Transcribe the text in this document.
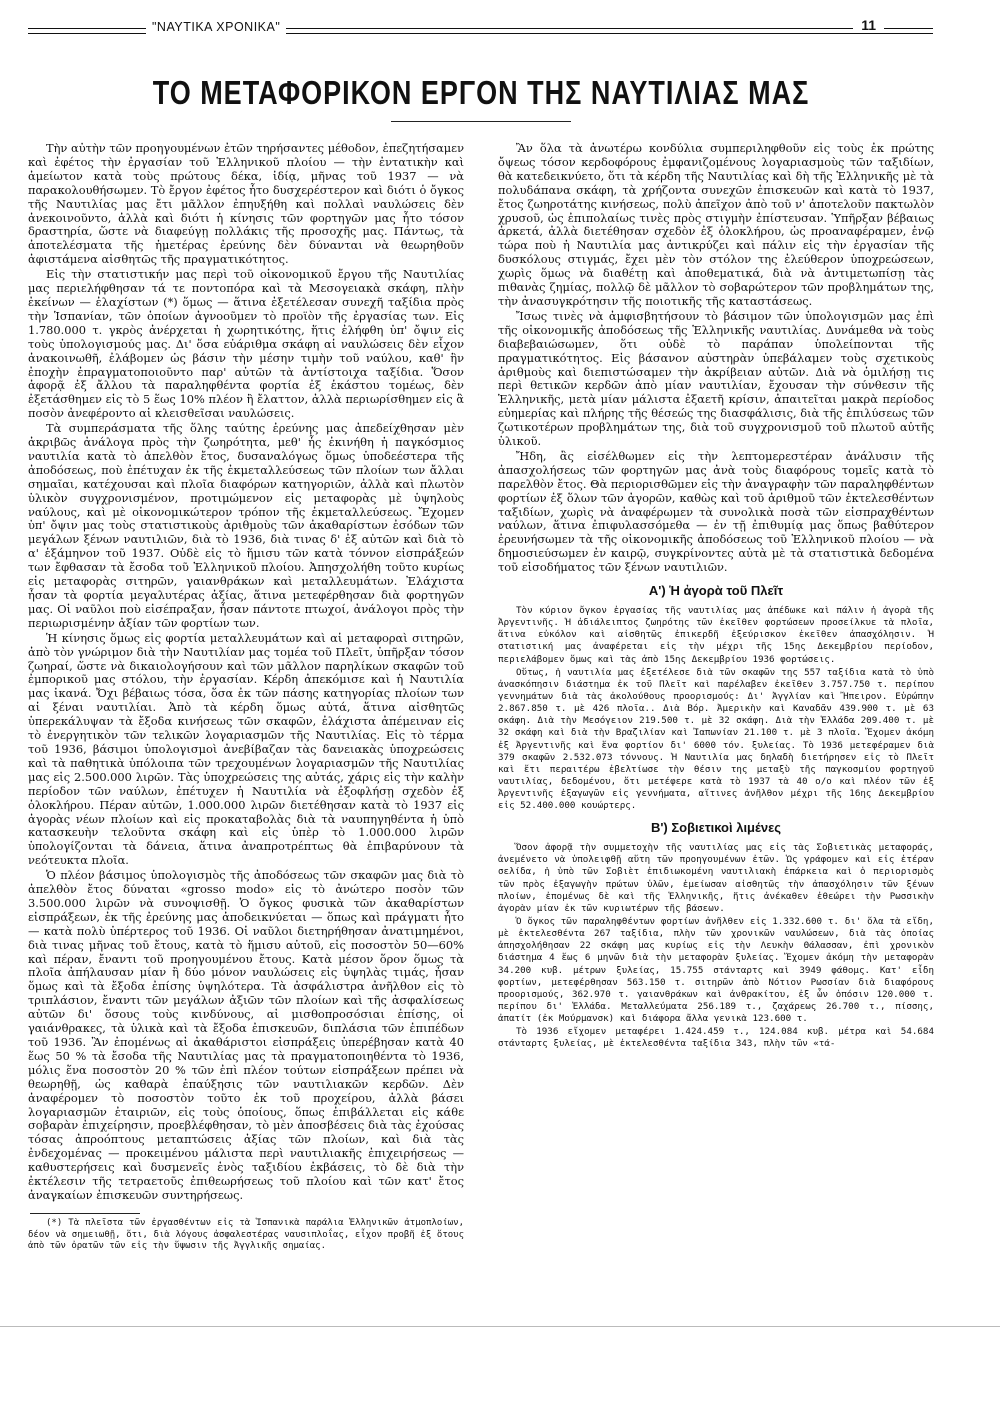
"ΝΑΥΤΙΚΑ ΧΡΟΝΙΚΑ"	11
ΤΟ ΜΕΤΑΦΟΡΙΚΟΝ ΕΡΓΟΝ ΤΗΣ ΝΑΥΤΙΛΙΑΣ ΜΑΣ

Τὴν αὐτὴν τῶν προηγουμένων ἐτῶν τηρήσαντες μέθοδον, ἐπεζητήσαμεν καὶ ἐφέτος τὴν ἐργασίαν τοῦ Ἑλληνικοῦ πλοίου — τὴν ἐντατικὴν καὶ ἀμείωτον κατὰ τοὺς πρώτους δέκα, ἰδίᾳ, μῆνας τοῦ 1937 — νὰ παρακολουθήσωμεν. Τὸ ἔργον ἐφέτος ἦτο δυσχερέστερον καὶ διότι ὁ ὄγκος τῆς Ναυτιλίας μας ἔτι μᾶλλον ἐπηυξήθη καὶ πολλαὶ ναυλώσεις δὲν ἀνεκοινοῦντο, ἀλλὰ καὶ διότι ἡ κίνησις τῶν φορτηγῶν μας ἦτο τόσον δραστηρία, ὥστε νὰ διαφεύγῃ πολλάκις τῆς προσοχῆς μας. Πάντως, τὰ ἀποτελέσματα τῆς ἡμετέρας ἐρεύνης δὲν δύνανται νὰ θεωρηθοῦν ἀφιστάμενα αἰσθητῶς τῆς πραγματικότητος.

Εἰς τὴν στατιστικήν μας περὶ τοῦ οἰκονομικοῦ ἔργου τῆς Ναυτιλίας μας περιελήφθησαν τά τε ποντοπόρα καὶ τὰ Μεσογειακὰ σκάφη, πλὴν ἐκείνων — ἐλαχίστων (*) ὅμως — ἅτινα ἐξετέλεσαν συνεχῆ ταξίδια πρὸς τὴν Ἱσπανίαν, τῶν ὁποίων ἀγνοοῦμεν τὸ προϊὸν τῆς ἐργασίας των. Εἰς 1.780.000 τ. γκρὸς ἀνέρχεται ἡ χωρητικότης, ἥτις ἐλήφθη ὑπ' ὄψιν εἰς τοὺς ὑπολογισμούς μας. Δι' ὅσα εὐάριθμα σκάφη αἱ ναυλώσεις δὲν εἶχον ἀνακοινωθῆ, ἐλάβομεν ὡς βάσιν τὴν μέσην τιμὴν τοῦ ναύλου, καθ' ἣν ἐποχὴν ἐπραγματοποιοῦντο παρ' αὐτῶν τὰ ἀντίστοιχα ταξίδια. Ὅσον ἀφορᾷ ἐξ ἄλλου τὰ παραληφθέντα φορτία ἐξ ἑκάστου τομέως, δὲν ἐξετάσθημεν εἰς τὸ 5 ἕως 10% πλέον ἢ ἔλαττον, ἀλλὰ περιωρίσθημεν εἰς ἃ ποσὸν ἀνεφέροντο αἱ κλεισθεῖσαι ναυλώσεις.

Τὰ συμπεράσματα τῆς ὅλης ταύτης ἐρεύνης μας ἀπεδείχθησαν μὲν ἀκριβῶς ἀνάλογα πρὸς τὴν ζωηρότητα, μεθ' ἧς ἐκινήθη ἡ παγκόσμιος ναυτιλία κατὰ τὸ ἀπελθὸν ἔτος, δυσαναλόγως ὅμως ὑποδεέστερα τῆς ἀποδόσεως, ποὺ ἐπέτυχαν ἐκ τῆς ἐκμεταλλεύσεως τῶν πλοίων των ἄλλαι σημαῖαι, κατέχουσαι καὶ πλοῖα διαφόρων κατηγοριῶν, ἀλλὰ καὶ πλωτὸν ὑλικὸν συγχρονισμένον, προτιμώμενον εἰς μεταφορὰς μὲ ὑψηλοὺς ναύλους, καὶ μὲ οἰκονομικώτερον τρόπον τῆς ἐκμεταλλεύσεως. Ἔχομεν ὑπ' ὄψιν μας τοὺς στατιστικοὺς ἀριθμοὺς τῶν ἀκαθαρίστων ἐσόδων τῶν μεγάλων ξένων ναυτιλιῶν, διὰ τὸ 1936, διὰ τινας δ' ἐξ αὐτῶν καὶ διὰ τὸ α' ἑξάμηνον τοῦ 1937. Οὐδὲ εἰς τὸ ἥμισυ τῶν κατὰ τόννον εἰσπράξεών των ἔφθασαν τὰ ἔσοδα τοῦ Ἑλληνικοῦ πλοίου. Ἀπησχολήθη τοῦτο κυρίως εἰς μεταφορὰς σιτηρῶν, γαιανθράκων καὶ μεταλλευμάτων. Ἐλάχιστα ἦσαν τὰ φορτία μεγαλυτέρας ἀξίας, ἅτινα μετεφέρθησαν διὰ φορτηγῶν μας. Οἱ ναῦλοι ποὺ εἰσέπραξαν, ἦσαν πάντοτε πτωχοί, ἀνάλογοι πρὸς τὴν περιωρισμένην ἀξίαν τῶν φορτίων των.

Ἡ κίνησις ὅμως εἰς φορτία μεταλλευμάτων καὶ αἱ μεταφοραὶ σιτηρῶν, ἀπὸ τὸν γνώριμον διὰ τὴν Ναυτιλίαν μας τομέα τοῦ Πλεῖτ, ὑπῆρξαν τόσον ζωηραί, ὥστε νὰ δικαιολογήσουν καὶ τῶν μᾶλλον παρηλίκων σκαφῶν τοῦ ἐμπορικοῦ μας στόλου, τὴν ἐργασίαν. Κέρδη ἀπεκόμισε καὶ ἡ Ναυτιλία μας ἱκανά. Ὄχι βέβαιως τόσα, ὅσα ἐκ τῶν πάσης κατηγορίας πλοίων των αἱ ξέναι ναυτιλίαι. Ἀπὸ τὰ κέρδη ὅμως αὐτά, ἅτινα αἰσθητῶς ὑπερεκάλυψαν τὰ ἔξοδα κινήσεως τῶν σκαφῶν, ἐλάχιστα ἀπέμειναν εἰς τὸ ἐνεργητικὸν τῶν τελικῶν λογαριασμῶν τῆς Ναυτιλίας. Εἰς τὸ τέρμα τοῦ 1936, βάσιμοι ὑπολογισμοὶ ἀνεβίβαζαν τὰς δανειακὰς ὑποχρεώσεις καὶ τὰ παθητικὰ ὑπόλοιπα τῶν τρεχουμένων λογαριασμῶν τῆς Ναυτιλίας μας εἰς 2.500.000 λιρῶν. Τὰς ὑποχρεώσεις της αὐτάς, χάρις εἰς τὴν καλὴν περίοδον τῶν ναύλων, ἐπέτυχεν ἡ Ναυτιλία νὰ ἐξοφλήσῃ σχεδὸν ἐξ ὁλοκλήρου. Πέραν αὐτῶν, 1.000.000 λιρῶν διετέθησαν κατὰ τὸ 1937 εἰς ἀγορὰς νέων πλοίων καὶ εἰς προκαταβολὰς διὰ τὰ ναυπηγηθέντα ἡ ὑπὸ κατασκευὴν τελοῦντα σκάφη καὶ εἰς ὑπὲρ τὸ 1.000.000 λιρῶν ὑπολογίζονται τὰ δάνεια, ἅτινα ἀναπροτρέπτως θὰ ἐπιβαρύνουν τὰ νεότευκτα πλοῖα.

Ὁ πλέον βάσιμος ὑπολογισμὸς τῆς ἀποδόσεως τῶν σκαφῶν μας διὰ τὸ ἀπελθὸν ἔτος δύναται «grosso modo» εἰς τὸ ἀνώτερο ποσὸν τῶν 3.500.000 λιρῶν νὰ συνοψισθῇ. Ὁ ὄγκος φυσικὰ τῶν ἀκαθαρίστων εἰσπράξεων, ἐκ τῆς ἐρεύνης μας ἀποδεικνύεται — ὅπως καὶ πράγματι ἦτο — κατὰ πολὺ ὑπέρτερος τοῦ 1936. Οἱ ναῦλοι διετηρήθησαν ἀνατιμημένοι, διὰ τινας μῆνας τοῦ ἔτους, κατὰ τὸ ἥμισυ αὐτοῦ, εἰς ποσοστὸν 50—60% καὶ πέραν, ἔναντι τοῦ προηγουμένου ἔτους. Κατὰ μέσον ὅρον ὅμως τὰ πλοῖα ἀπήλαυσαν μίαν ἢ δύο μόνον ναυλώσεις εἰς ὑψηλὰς τιμάς, ἦσαν ὅμως καὶ τὰ ἔξοδα ἐπίσης ὑψηλότερα. Τὰ ἀσφάλιστρα ἀνῆλθον εἰς τὸ τριπλάσιον, ἔναντι τῶν μεγάλων ἀξιῶν τῶν πλοίων καὶ τῆς ἀσφαλίσεως αὐτῶν δι' ὅσους τοὺς κινδύνους, αἱ μισθοπροσόσιαι ἐπίσης, οἱ γαιάνθρακες, τὰ ὑλικὰ καὶ τὰ ἔξοδα ἐπισκευῶν, διπλάσια τῶν ἐπιπέδων τοῦ 1936. Ἂν ἐπομένως αἱ ἀκαθάριστοι εἰσπράξεις ὑπερέβησαν κατὰ 40 ἕως 50 % τὰ ἔσοδα τῆς Ναυτιλίας μας τὰ πραγματοποιηθέντα τὸ 1936, μόλις ἕνα ποσοστὸν 20 % τῶν ἐπὶ πλέον τούτων εἰσπράξεων πρέπει νὰ θεωρηθῇ, ὡς καθαρὰ ἐπαύξησις τῶν ναυτιλιακῶν κερδῶν. Δὲν ἀναφέρομεν τὸ ποσοστὸν τοῦτο ἐκ τοῦ προχείρου, ἀλλὰ βάσει λογαριασμῶν ἐταιριῶν, εἰς τοὺς ὁποίους, ὅπως ἐπιβάλλεται εἰς κάθε σοβαρὰν ἐπιχείρησιν, προεβλέφθησαν, τὸ μὲν ἀποσβέσεις διὰ τὰς ἐχούσας τόσας ἀπροόπτους μεταπτώσεις ἀξίας τῶν πλοίων, καὶ διὰ τὰς ἐνδεχομένας — προκειμένου μάλιστα περὶ ναυτιλιακῆς ἐπιχειρήσεως — καθυστερήσεις καὶ δυσμενεῖς ἑνὸς ταξιδίου ἐκβάσεις, τὸ δὲ διὰ τὴν ἐκτέλεσιν τῆς τετραετοῦς ἐπιθεωρήσεως τοῦ πλοίου καὶ τῶν κατ' ἔτος ἀναγκαίων ἐπισκευῶν συντηρήσεως.

(*) Τὰ πλεῖστα τῶν ἐργασθέντων εἰς τὰ Ἱσπανικὰ παράλια Ἑλληνικῶν ἀτμοπλοίων, δέον νὰ σημειωθῇ, ὅτι, διὰ λόγους ἀσφαλεστέρας ναυσιπλοΐας, εἶχον προβῆ ἐξ ὅτους ἀπὸ τῶν ὀρατῶν τῶν εἰς τὴν ὕψωσιν τῆς Ἀγγλικῆς σημαίας.

Ἂν ὅλα τὰ ἀνωτέρω κονδύλια συμπεριληφθοῦν εἰς τοὺς ἐκ πρώτης ὄψεως τόσον κερδοφόρους ἐμφανιζομένους λογαριασμοὺς τῶν ταξιδίων, θὰ κατεδεικνύετο, ὅτι τὰ κέρδη τῆς Ναυτιλίας καὶ δὴ τῆς Ἑλληνικῆς μὲ τὰ πολυδάπανα σκάφη, τὰ χρήζοντα συνεχῶν ἐπισκευῶν καὶ κατὰ τὸ 1937, ἔτος ζωηροτάτης κινήσεως, πολὺ ἀπεῖχον ἀπὸ τοῦ ν' ἀποτελοῦν πακτωλὸν χρυσοῦ, ὡς ἐπιπολαίως τινὲς πρὸς στιγμὴν ἐπίστευσαν. Ὑπῆρξαν βέβαιως ἀρκετά, ἀλλὰ διετέθησαν σχεδὸν ἐξ ὁλοκλήρου, ὡς προαναφέραμεν, ἐνῷ τώρα ποὺ ἡ Ναυτιλία μας ἀντικρύζει καὶ πάλιν εἰς τὴν ἐργασίαν τῆς δυσκόλους στιγμάς, ἔχει μὲν τὸν στόλον της ἐλεύθερον ὑποχρεώσεων, χωρὶς ὅμως νὰ διαθέτῃ καὶ ἀποθεματικά, διὰ νὰ ἀντιμετωπίσῃ τὰς πιθανὰς ζημίας, πολλῷ δὲ μᾶλλον τὸ σοβαρώτερον τῶν προβλημάτων της, τὴν ἀνασυγκρότησιν τῆς ποιοτικῆς τῆς καταστάσεως.

Ἴσως τινὲς νὰ ἀμφισβητήσουν τὸ βάσιμον τῶν ὑπολογισμῶν μας ἐπὶ τῆς οἰκονομικῆς ἀποδόσεως τῆς Ἑλληνικῆς ναυτιλίας. Δυνάμεθα νὰ τοὺς διαβεβαιώσωμεν, ὅτι οὐδὲ τὸ παράπαν ὑπολείπονται τῆς πραγματικότητος. Εἰς βάσανον αὐστηρὰν ὑπεβάλαμεν τοὺς σχετικοὺς ἀριθμοὺς καὶ διεπιστώσαμεν τὴν ἀκρίβειαν αὐτῶν. Διὰ νὰ ὁμιλήσῃ τις περὶ θετικῶν κερδῶν ἀπὸ μίαν ναυτιλίαν, ἔχουσαν τὴν σύνθεσιν τῆς Ἑλληνικῆς, μετὰ μίαν μάλιστα ἐξαετῆ κρίσιν, ἀπαιτεῖται μακρὰ περίοδος εὐημερίας καὶ πλήρης τῆς θέσεώς της διασφάλισις, διὰ τῆς ἐπιλύσεως τῶν ζωτικοτέρων προβλημάτων της, διὰ τοῦ συγχρονισμοῦ τοῦ πλωτοῦ αὐτῆς ὑλικοῦ.

Ἤδη, ἂς εἰσέλθωμεν εἰς τὴν λεπτομερεστέραν ἀνάλυσιν τῆς ἀπασχολήσεως τῶν φορτηγῶν μας ἀνὰ τοὺς διαφόρους τομεῖς κατὰ τὸ παρελθὸν ἔτος. Θὰ περιορισθῶμεν εἰς τὴν ἀναγραφὴν τῶν παραληφθέντων φορτίων ἐξ ὅλων τῶν ἀγορῶν, καθὼς καὶ τοῦ ἀριθμοῦ τῶν ἐκτελεσθέντων ταξιδίων, χωρὶς νὰ ἀναφέρωμεν τὰ συνολικὰ ποσὰ τῶν εἰσπραχθέντων ναύλων, ἅτινα ἐπιφυλασσόμεθα — ἐν τῇ ἐπιθυμίᾳ μας ὅπως βαθύτερον ἐρευνήσωμεν τὰ τῆς οἰκονομικῆς ἀποδόσεως τοῦ Ἑλληνικοῦ πλοίου — νὰ δημοσιεύσωμεν ἐν καιρῷ, συγκρίνοντες αὐτὰ μὲ τὰ στατιστικὰ δεδομένα τοῦ εἰσοδήματος τῶν ξένων ναυτιλιῶν.

Α') Ἡ ἀγορὰ τοῦ Πλεῖτ

Τὸν κύριον ὄγκον ἐργασίας τῆς ναυτιλίας μας ἀπέδωκε καὶ πάλιν ἡ ἀγορὰ τῆς Ἀργεντινῆς. Ἡ ἀδιάλειπτος ζωηρότης τῶν ἐκεῖθεν φορτώσεων προσείλκυε τὰ πλοῖα, ἅτινα εὐκόλον καὶ αἰσθητῶς ἐπικερδῆ ἐξεύρισκον ἐκεῖθεν ἀπασχόλησιν. Ἡ στατιστική μας ἀναφέρεται εἰς τὴν μέχρι τῆς 15ης Δεκεμβρίου περίοδον, περιελάβομεν ὅμως καὶ τὰς ἀπὸ 15ης Δεκεμβρίου 1936 φορτώσεις.

Οὕτως, ἡ ναυτιλία μας ἐξετέλεσε διὰ τῶν σκαφῶν της 557 ταξίδια κατὰ τὸ ὑπὸ ἀνασκόπησιν διάστημα ἐκ τοῦ Πλεῖτ καὶ παρέλαβεν ἐκεῖθεν 3.757.750 τ. περίπου γεννημάτων διὰ τὰς ἀκολούθους προορισμούς: Δι' Ἀγγλίαν καὶ Ἤπειρον. Εὐρώπην 2.867.850 τ. μὲ 426 πλοῖα.. Διὰ Βόρ. Ἀμερικὴν καὶ Καναδᾶν 439.900 τ. μὲ 63 σκάφη. Διὰ τὴν Μεσόγειον 219.500 τ. μὲ 32 σκάφη. Διὰ τὴν Ἑλλάδα 209.400 τ. μὲ 32 σκάφη καὶ διὰ τὴν Βραζιλίαν καὶ Ἰαπωνίαν 21.100 τ. μὲ 3 πλοῖα. Ἔχομεν ἀκόμη ἐξ Ἀργεντινῆς καὶ ἕνα φορτίον δι' 6000 τόν. ξυλείας. Τὸ 1936 μετεφέραμεν διὰ 379 σκαφῶν 2.532.073 τόννους. Ἡ Ναυτιλία μας δηλαδὴ διετήρησεν εἰς τὸ Πλεῖτ καὶ ἔτι περαιτέρω ἐβελτίωσε τὴν θέσιν της μεταξὺ τῆς παγκοσμίου φορτηγοῦ ναυτιλίας, δεδομένου, ὅτι μετέφερε κατὰ τὸ 1937 τὰ 40 ο/ο καὶ πλέον τῶν ἐξ Ἀργεντινῆς ἐξαγωγῶν εἰς γεννήματα, αἵτινες ἀνῆλθον μέχρι τῆς 16ης Δεκεμβρίου εἰς 52.400.000 κουώρτερς.

Β') Σοβιετικοὶ λιμένες

Ὅσον ἀφορᾷ τὴν συμμετοχὴν τῆς ναυτιλίας μας εἰς τὰς Σοβιετικὰς μεταφοράς, ἀνεμένετο νὰ ὑπολειφθῇ αὕτη τῶν προηγουμένων ἐτῶν. Ὡς γράφομεν καὶ εἰς ἑτέραν σελίδα, ἡ ὑπὸ τῶν Σοβιὲτ ἐπιδιωκομένη ναυτιλιακὴ ἐπάρκεια καὶ ὁ περιορισμὸς τῶν πρὸς ἐξαγωγὴν πρώτων ὑλῶν, ἐμείωσαν αἰσθητῶς τὴν ἀπασχόλησιν τῶν ξένων πλοίων, ἐπομένως δὲ καὶ τῆς Ἑλληνικῆς, ἥτις ἀνέκαθεν ἐθεώρει τὴν Ρωσσικὴν ἀγορὰν μίαν ἐκ τῶν κυριωτέρων τῆς βάσεων.

Ὁ ὄγκος τῶν παραληφθέντων φορτίων ἀνῆλθεν εἰς 1.332.600 τ. δι' ὅλα τὰ εἴδη, μὲ ἐκτελεσθέντα 267 ταξίδια, πλὴν τῶν χρονικῶν ναυλώσεων, διὰ τὰς ὁποίας ἀπησχολήθησαν 22 σκάφη μας κυρίως εἰς τὴν Λευκὴν Θάλασσαν, ἐπὶ χρονικὸν διάστημα 4 ἕως 6 μηνῶν διὰ τὴν μεταφορὰν ξυλείας. Ἔχομεν ἀκόμη τὴν μεταφορὰν 34.200 κυβ. μέτρων ξυλείας, 15.755 στάνταρτς καὶ 3949 φάθομς. Κατ' εἶδη φορτίων, μετεφέρθησαν 563.150 τ. σιτηρῶν ἀπὸ Νότιον Ρωσσίαν διὰ διαφόρους προορισμούς, 362.970 τ. γαιανθράκων καὶ ἀνθρακίτου, ἐξ ὧν ὁπόσιν 120.000 τ. περίπου δι' Ἑλλάδα. Μεταλλεύματα 256.189 τ., ζαχάρεως 26.700 τ., πίσσης, ἀπατίτ (ἐκ Μούρμανσκ) καὶ διάφορα ἄλλα γενικὰ 123.600 τ.

Τὸ 1936 εἴχομεν μεταφέρει 1.424.459 τ., 124.084 κυβ. μέτρα καὶ 54.684 στάνταρτς ξυλείας, μὲ ἐκτελεσθέντα ταξίδια 343, πλὴν τῶν «τά-
